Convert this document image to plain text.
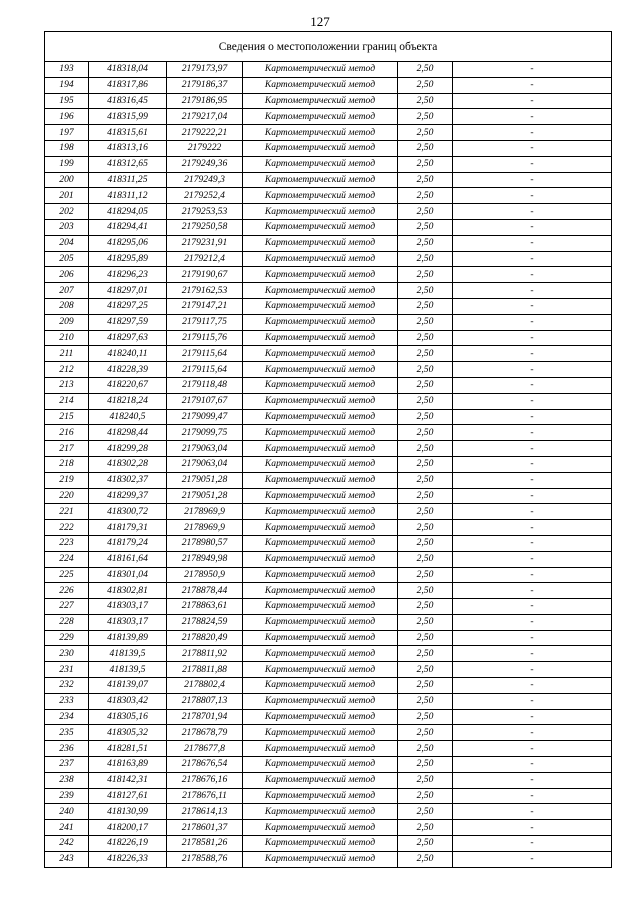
127
Сведения о местоположении границ объекта					
193	418318,04	2179173,97	Картометрический метод	2,50	-
194	418317,86	2179186,37	Картометрический метод	2,50	-
195	418316,45	2179186,95	Картометрический метод	2,50	-
196	418315,99	2179217,04	Картометрический метод	2,50	-
197	418315,61	2179222,21	Картометрический метод	2,50	-
198	418313,16	2179222	Картометрический метод	2,50	-
199	418312,65	2179249,36	Картометрический метод	2,50	-
200	418311,25	2179249,3	Картометрический метод	2,50	-
201	418311,12	2179252,4	Картометрический метод	2,50	-
202	418294,05	2179253,53	Картометрический метод	2,50	-
203	418294,41	2179250,58	Картометрический метод	2,50	-
204	418295,06	2179231,91	Картометрический метод	2,50	-
205	418295,89	2179212,4	Картометрический метод	2,50	-
206	418296,23	2179190,67	Картометрический метод	2,50	-
207	418297,01	2179162,53	Картометрический метод	2,50	-
208	418297,25	2179147,21	Картометрический метод	2,50	-
209	418297,59	2179117,75	Картометрический метод	2,50	-
210	418297,63	2179115,76	Картометрический метод	2,50	-
211	418240,11	2179115,64	Картометрический метод	2,50	-
212	418228,39	2179115,64	Картометрический метод	2,50	-
213	418220,67	2179118,48	Картометрический метод	2,50	-
214	418218,24	2179107,67	Картометрический метод	2,50	-
215	418240,5	2179099,47	Картометрический метод	2,50	-
216	418298,44	2179099,75	Картометрический метод	2,50	-
217	418299,28	2179063,04	Картометрический метод	2,50	-
218	418302,28	2179063,04	Картометрический метод	2,50	-
219	418302,37	2179051,28	Картометрический метод	2,50	-
220	418299,37	2179051,28	Картометрический метод	2,50	-
221	418300,72	2178969,9	Картометрический метод	2,50	-
222	418179,31	2178969,9	Картометрический метод	2,50	-
223	418179,24	2178980,57	Картометрический метод	2,50	-
224	418161,64	2178949,98	Картометрический метод	2,50	-
225	418301,04	2178950,9	Картометрический метод	2,50	-
226	418302,81	2178878,44	Картометрический метод	2,50	-
227	418303,17	2178863,61	Картометрический метод	2,50	-
228	418303,17	2178824,59	Картометрический метод	2,50	-
229	418139,89	2178820,49	Картометрический метод	2,50	-
230	418139,5	2178811,92	Картометрический метод	2,50	-
231	418139,5	2178811,88	Картометрический метод	2,50	-
232	418139,07	2178802,4	Картометрический метод	2,50	-
233	418303,42	2178807,13	Картометрический метод	2,50	-
234	418305,16	2178701,94	Картометрический метод	2,50	-
235	418305,32	2178678,79	Картометрический метод	2,50	-
236	418281,51	2178677,8	Картометрический метод	2,50	-
237	418163,89	2178676,54	Картометрический метод	2,50	-
238	418142,31	2178676,16	Картометрический метод	2,50	-
239	418127,61	2178676,11	Картометрический метод	2,50	-
240	418130,99	2178614,13	Картометрический метод	2,50	-
241	418200,17	2178601,37	Картометрический метод	2,50	-
242	418226,19	2178581,26	Картометрический метод	2,50	-
243	418226,33	2178588,76	Картометрический метод	2,50	-
